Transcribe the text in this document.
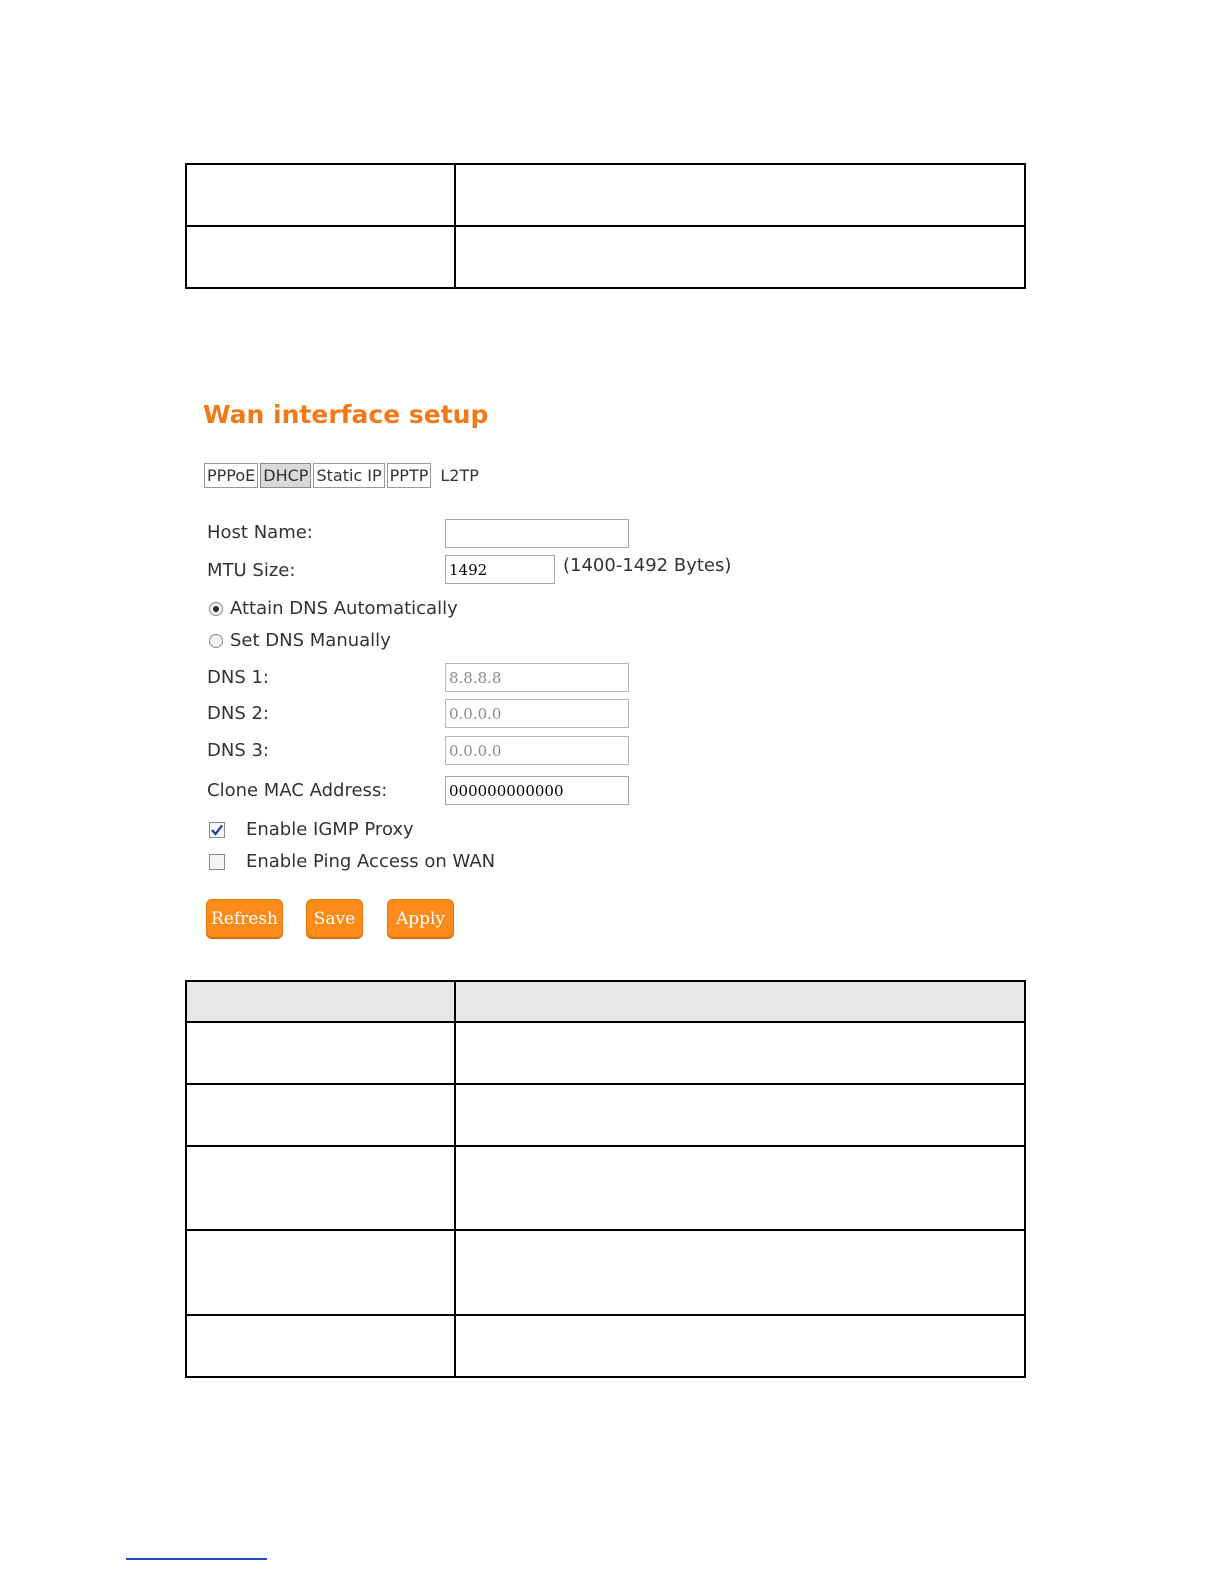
Wan interface setup
PPPoE DHCP Static IP PPTP L2TP
Host Name:
MTU Size:
1492	(1400-1492 Bytes)
Attain DNS Automatically
Set DNS Manually
DNS 1:
8.8.8.8
DNS 2:
0.0.0.0
DNS 3:
0.0.0.0
Clone MAC Address:
000000000000
Enable IGMP Proxy
Enable Ping Access on WAN
Refresh	Save	Apply
